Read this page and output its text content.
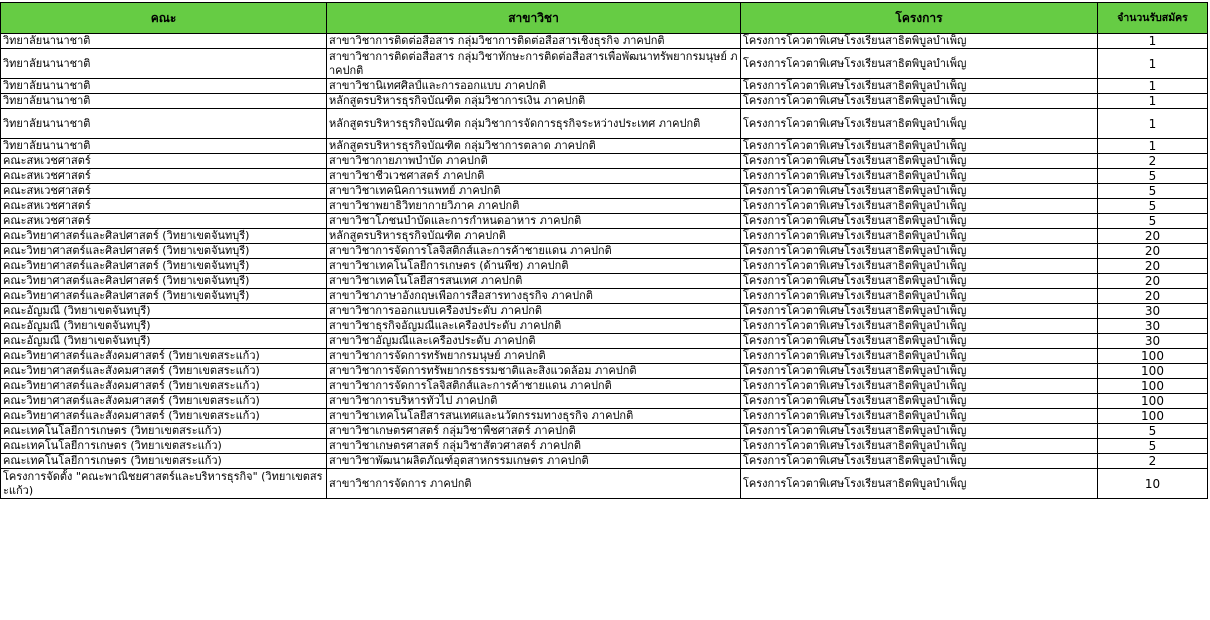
คณะ	สาขาวิชา	โครงการ	จำนวนรับสมัคร
วิทยาลัยนานาชาติ	สาขาวิชาการติดต่อสื่อสาร กลุ่มวิชาการติดต่อสื่อสารเชิงธุรกิจ ภาคปกติ	โครงการโควตาพิเศษโรงเรียนสาธิตพิบูลบำเพ็ญ	1
วิทยาลัยนานาชาติ	สาขาวิชาการติดต่อสื่อสาร กลุ่มวิชาทักษะการติดต่อสื่อสารเพื่อพัฒนาทรัพยากรมนุษย์ ภาคปกติ	โครงการโควตาพิเศษโรงเรียนสาธิตพิบูลบำเพ็ญ	1
วิทยาลัยนานาชาติ	สาขาวิชานิเทศศิลป์และการออกแบบ ภาคปกติ	โครงการโควตาพิเศษโรงเรียนสาธิตพิบูลบำเพ็ญ	1
วิทยาลัยนานาชาติ	หลักสูตรบริหารธุรกิจบัณฑิต กลุ่มวิชาการเงิน ภาคปกติ	โครงการโควตาพิเศษโรงเรียนสาธิตพิบูลบำเพ็ญ	1
วิทยาลัยนานาชาติ	หลักสูตรบริหารธุรกิจบัณฑิต กลุ่มวิชาการจัดการธุรกิจระหว่างประเทศ ภาคปกติ	โครงการโควตาพิเศษโรงเรียนสาธิตพิบูลบำเพ็ญ	1
วิทยาลัยนานาชาติ	หลักสูตรบริหารธุรกิจบัณฑิต กลุ่มวิชาการตลาด ภาคปกติ	โครงการโควตาพิเศษโรงเรียนสาธิตพิบูลบำเพ็ญ	1
คณะสหเวชศาสตร์	สาขาวิชากายภาพบำบัด ภาคปกติ	โครงการโควตาพิเศษโรงเรียนสาธิตพิบูลบำเพ็ญ	2
คณะสหเวชศาสตร์	สาขาวิชาชีวเวชศาสตร์ ภาคปกติ	โครงการโควตาพิเศษโรงเรียนสาธิตพิบูลบำเพ็ญ	5
คณะสหเวชศาสตร์	สาขาวิชาเทคนิคการแพทย์ ภาคปกติ	โครงการโควตาพิเศษโรงเรียนสาธิตพิบูลบำเพ็ญ	5
คณะสหเวชศาสตร์	สาขาวิชาพยาธิวิทยากายวิภาค ภาคปกติ	โครงการโควตาพิเศษโรงเรียนสาธิตพิบูลบำเพ็ญ	5
คณะสหเวชศาสตร์	สาขาวิชาโภชนบำบัดและการกำหนดอาหาร ภาคปกติ	โครงการโควตาพิเศษโรงเรียนสาธิตพิบูลบำเพ็ญ	5
คณะวิทยาศาสตร์และศิลปศาสตร์ (วิทยาเขตจันทบุรี)	หลักสูตรบริหารธุรกิจบัณฑิต ภาคปกติ	โครงการโควตาพิเศษโรงเรียนสาธิตพิบูลบำเพ็ญ	20
คณะวิทยาศาสตร์และศิลปศาสตร์ (วิทยาเขตจันทบุรี)	สาขาวิชาการจัดการโลจิสติกส์และการค้าชายแดน ภาคปกติ	โครงการโควตาพิเศษโรงเรียนสาธิตพิบูลบำเพ็ญ	20
คณะวิทยาศาสตร์และศิลปศาสตร์ (วิทยาเขตจันทบุรี)	สาขาวิชาเทคโนโลยีการเกษตร (ด้านพืช) ภาคปกติ	โครงการโควตาพิเศษโรงเรียนสาธิตพิบูลบำเพ็ญ	20
คณะวิทยาศาสตร์และศิลปศาสตร์ (วิทยาเขตจันทบุรี)	สาขาวิชาเทคโนโลยีสารสนเทศ ภาคปกติ	โครงการโควตาพิเศษโรงเรียนสาธิตพิบูลบำเพ็ญ	20
คณะวิทยาศาสตร์และศิลปศาสตร์ (วิทยาเขตจันทบุรี)	สาขาวิชาภาษาอังกฤษเพื่อการสื่อสารทางธุรกิจ ภาคปกติ	โครงการโควตาพิเศษโรงเรียนสาธิตพิบูลบำเพ็ญ	20
คณะอัญมณี (วิทยาเขตจันทบุรี)	สาขาวิชาการออกแบบเครื่องประดับ ภาคปกติ	โครงการโควตาพิเศษโรงเรียนสาธิตพิบูลบำเพ็ญ	30
คณะอัญมณี (วิทยาเขตจันทบุรี)	สาขาวิชาธุรกิจอัญมณีและเครื่องประดับ ภาคปกติ	โครงการโควตาพิเศษโรงเรียนสาธิตพิบูลบำเพ็ญ	30
คณะอัญมณี (วิทยาเขตจันทบุรี)	สาขาวิชาอัญมณีและเครื่องประดับ ภาคปกติ	โครงการโควตาพิเศษโรงเรียนสาธิตพิบูลบำเพ็ญ	30
คณะวิทยาศาสตร์และสังคมศาสตร์ (วิทยาเขตสระแก้ว)	สาขาวิชาการจัดการทรัพยากรมนุษย์ ภาคปกติ	โครงการโควตาพิเศษโรงเรียนสาธิตพิบูลบำเพ็ญ	100
คณะวิทยาศาสตร์และสังคมศาสตร์ (วิทยาเขตสระแก้ว)	สาขาวิชาการจัดการทรัพยากรธรรมชาติและสิ่งแวดล้อม ภาคปกติ	โครงการโควตาพิเศษโรงเรียนสาธิตพิบูลบำเพ็ญ	100
คณะวิทยาศาสตร์และสังคมศาสตร์ (วิทยาเขตสระแก้ว)	สาขาวิชาการจัดการโลจิสติกส์และการค้าชายแดน ภาคปกติ	โครงการโควตาพิเศษโรงเรียนสาธิตพิบูลบำเพ็ญ	100
คณะวิทยาศาสตร์และสังคมศาสตร์ (วิทยาเขตสระแก้ว)	สาขาวิชาการบริหารทั่วไป ภาคปกติ	โครงการโควตาพิเศษโรงเรียนสาธิตพิบูลบำเพ็ญ	100
คณะวิทยาศาสตร์และสังคมศาสตร์ (วิทยาเขตสระแก้ว)	สาขาวิชาเทคโนโลยีสารสนเทศและนวัตกรรมทางธุรกิจ ภาคปกติ	โครงการโควตาพิเศษโรงเรียนสาธิตพิบูลบำเพ็ญ	100
คณะเทคโนโลยีการเกษตร (วิทยาเขตสระแก้ว)	สาขาวิชาเกษตรศาสตร์ กลุ่มวิชาพืชศาสตร์ ภาคปกติ	โครงการโควตาพิเศษโรงเรียนสาธิตพิบูลบำเพ็ญ	5
คณะเทคโนโลยีการเกษตร (วิทยาเขตสระแก้ว)	สาขาวิชาเกษตรศาสตร์ กลุ่มวิชาสัตวศาสตร์ ภาคปกติ	โครงการโควตาพิเศษโรงเรียนสาธิตพิบูลบำเพ็ญ	5
คณะเทคโนโลยีการเกษตร (วิทยาเขตสระแก้ว)	สาขาวิชาพัฒนาผลิตภัณฑ์อุตสาหกรรมเกษตร ภาคปกติ	โครงการโควตาพิเศษโรงเรียนสาธิตพิบูลบำเพ็ญ	2
โครงการจัดตั้ง "คณะพาณิชยศาสตร์และบริหารธุรกิจ" (วิทยาเขตสระแก้ว)	สาขาวิชาการจัดการ ภาคปกติ	โครงการโควตาพิเศษโรงเรียนสาธิตพิบูลบำเพ็ญ	10
